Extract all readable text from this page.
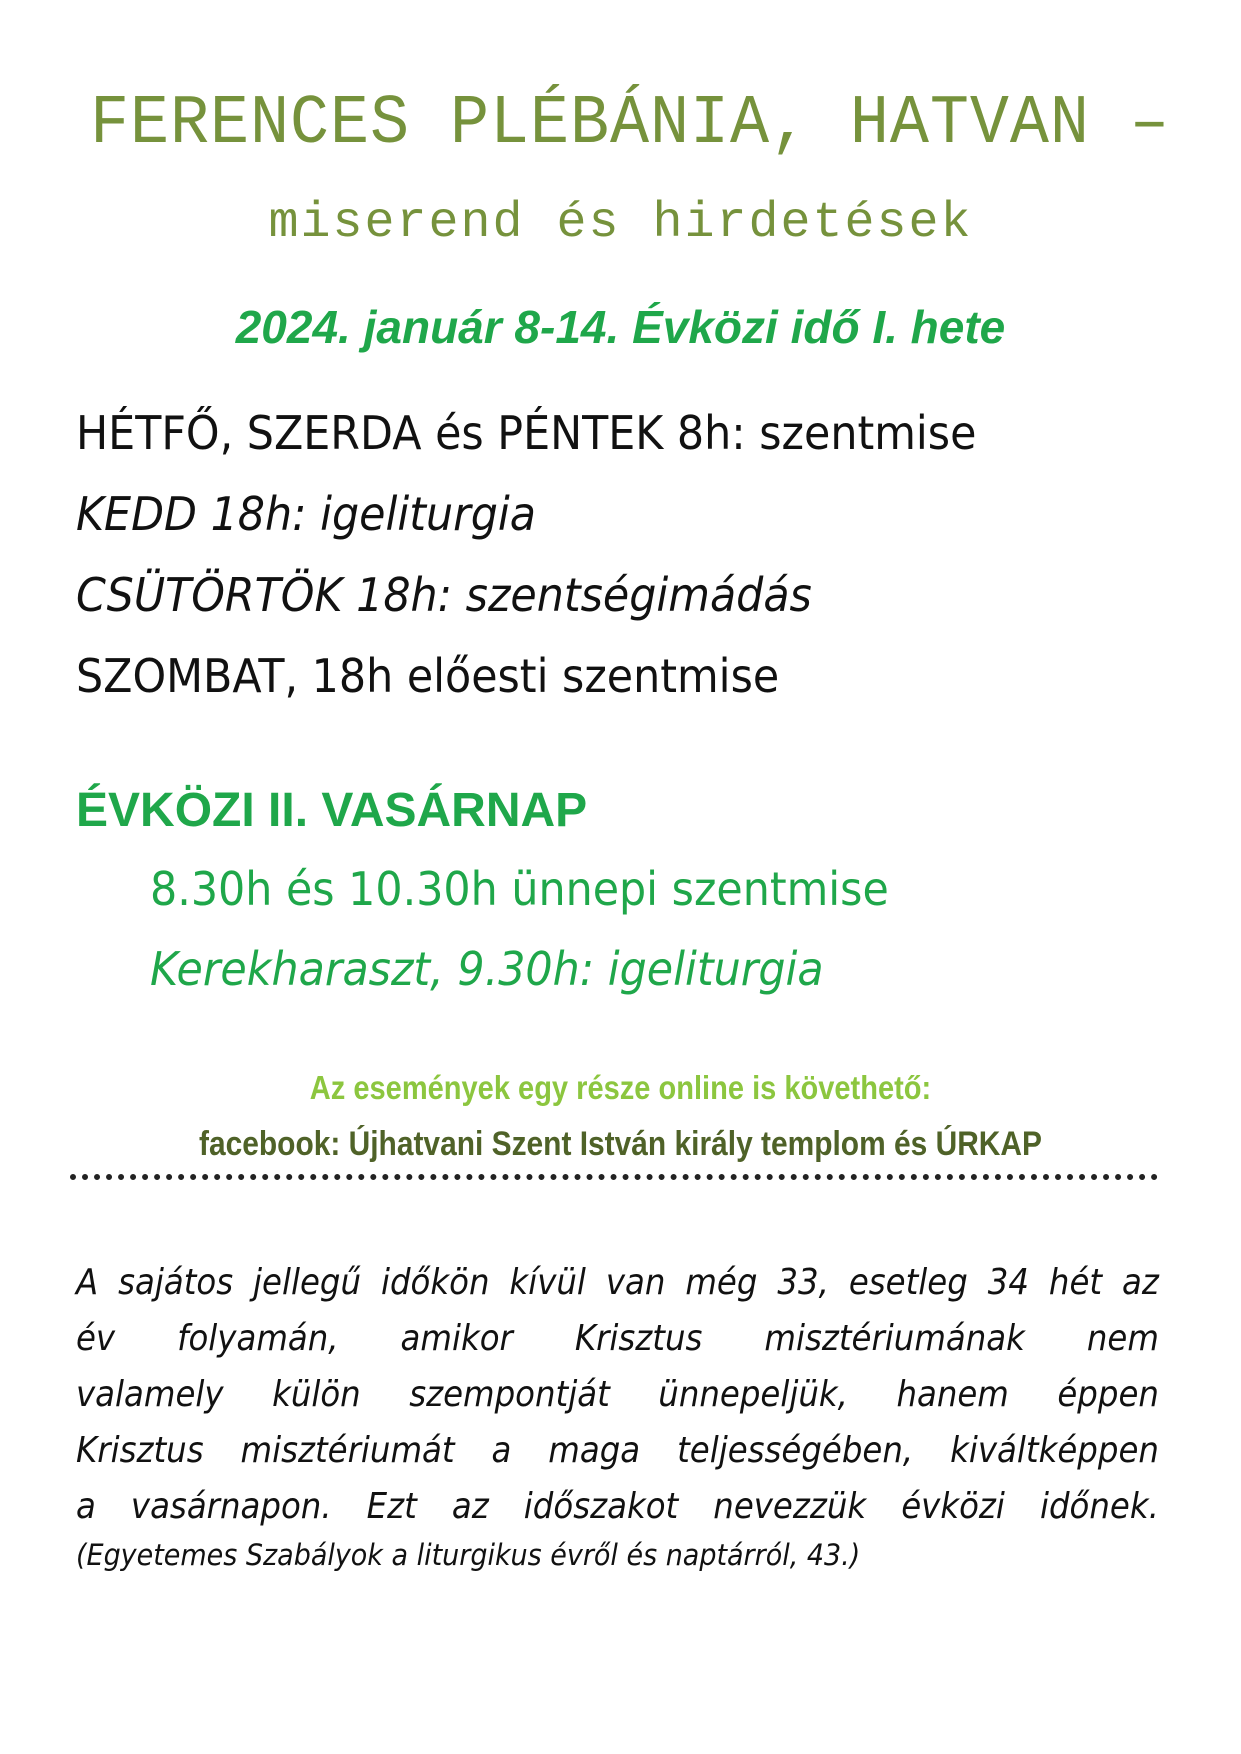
FERENCES PLÉBÁNIA, HATVAN –
miserend és hirdetések
2024. január 8-14. Évközi idő I. hete
HÉTFŐ, SZERDA és PÉNTEK 8h: szentmise
KEDD 18h: igeliturgia
CSÜTÖRTÖK 18h: szentségimádás
SZOMBAT, 18h előesti szentmise
ÉVKÖZI II. VASÁRNAP
8.30h és 10.30h ünnepi szentmise
Kerekharaszt, 9.30h: igeliturgia
Az események egy része online is követhető:
facebook: Újhatvani Szent István király templom és ÚRKAP
A sajátos jellegű időkön kívül van még 33, esetleg 34 hét az
év folyamán, amikor Krisztus misztériumának nem
valamely külön szempontját ünnepeljük, hanem éppen
Krisztus misztériumát a maga teljességében, kiváltképpen
a vasárnapon. Ezt az időszakot nevezzük évközi időnek.
(Egyetemes Szabályok a liturgikus évről és naptárról, 43.)
